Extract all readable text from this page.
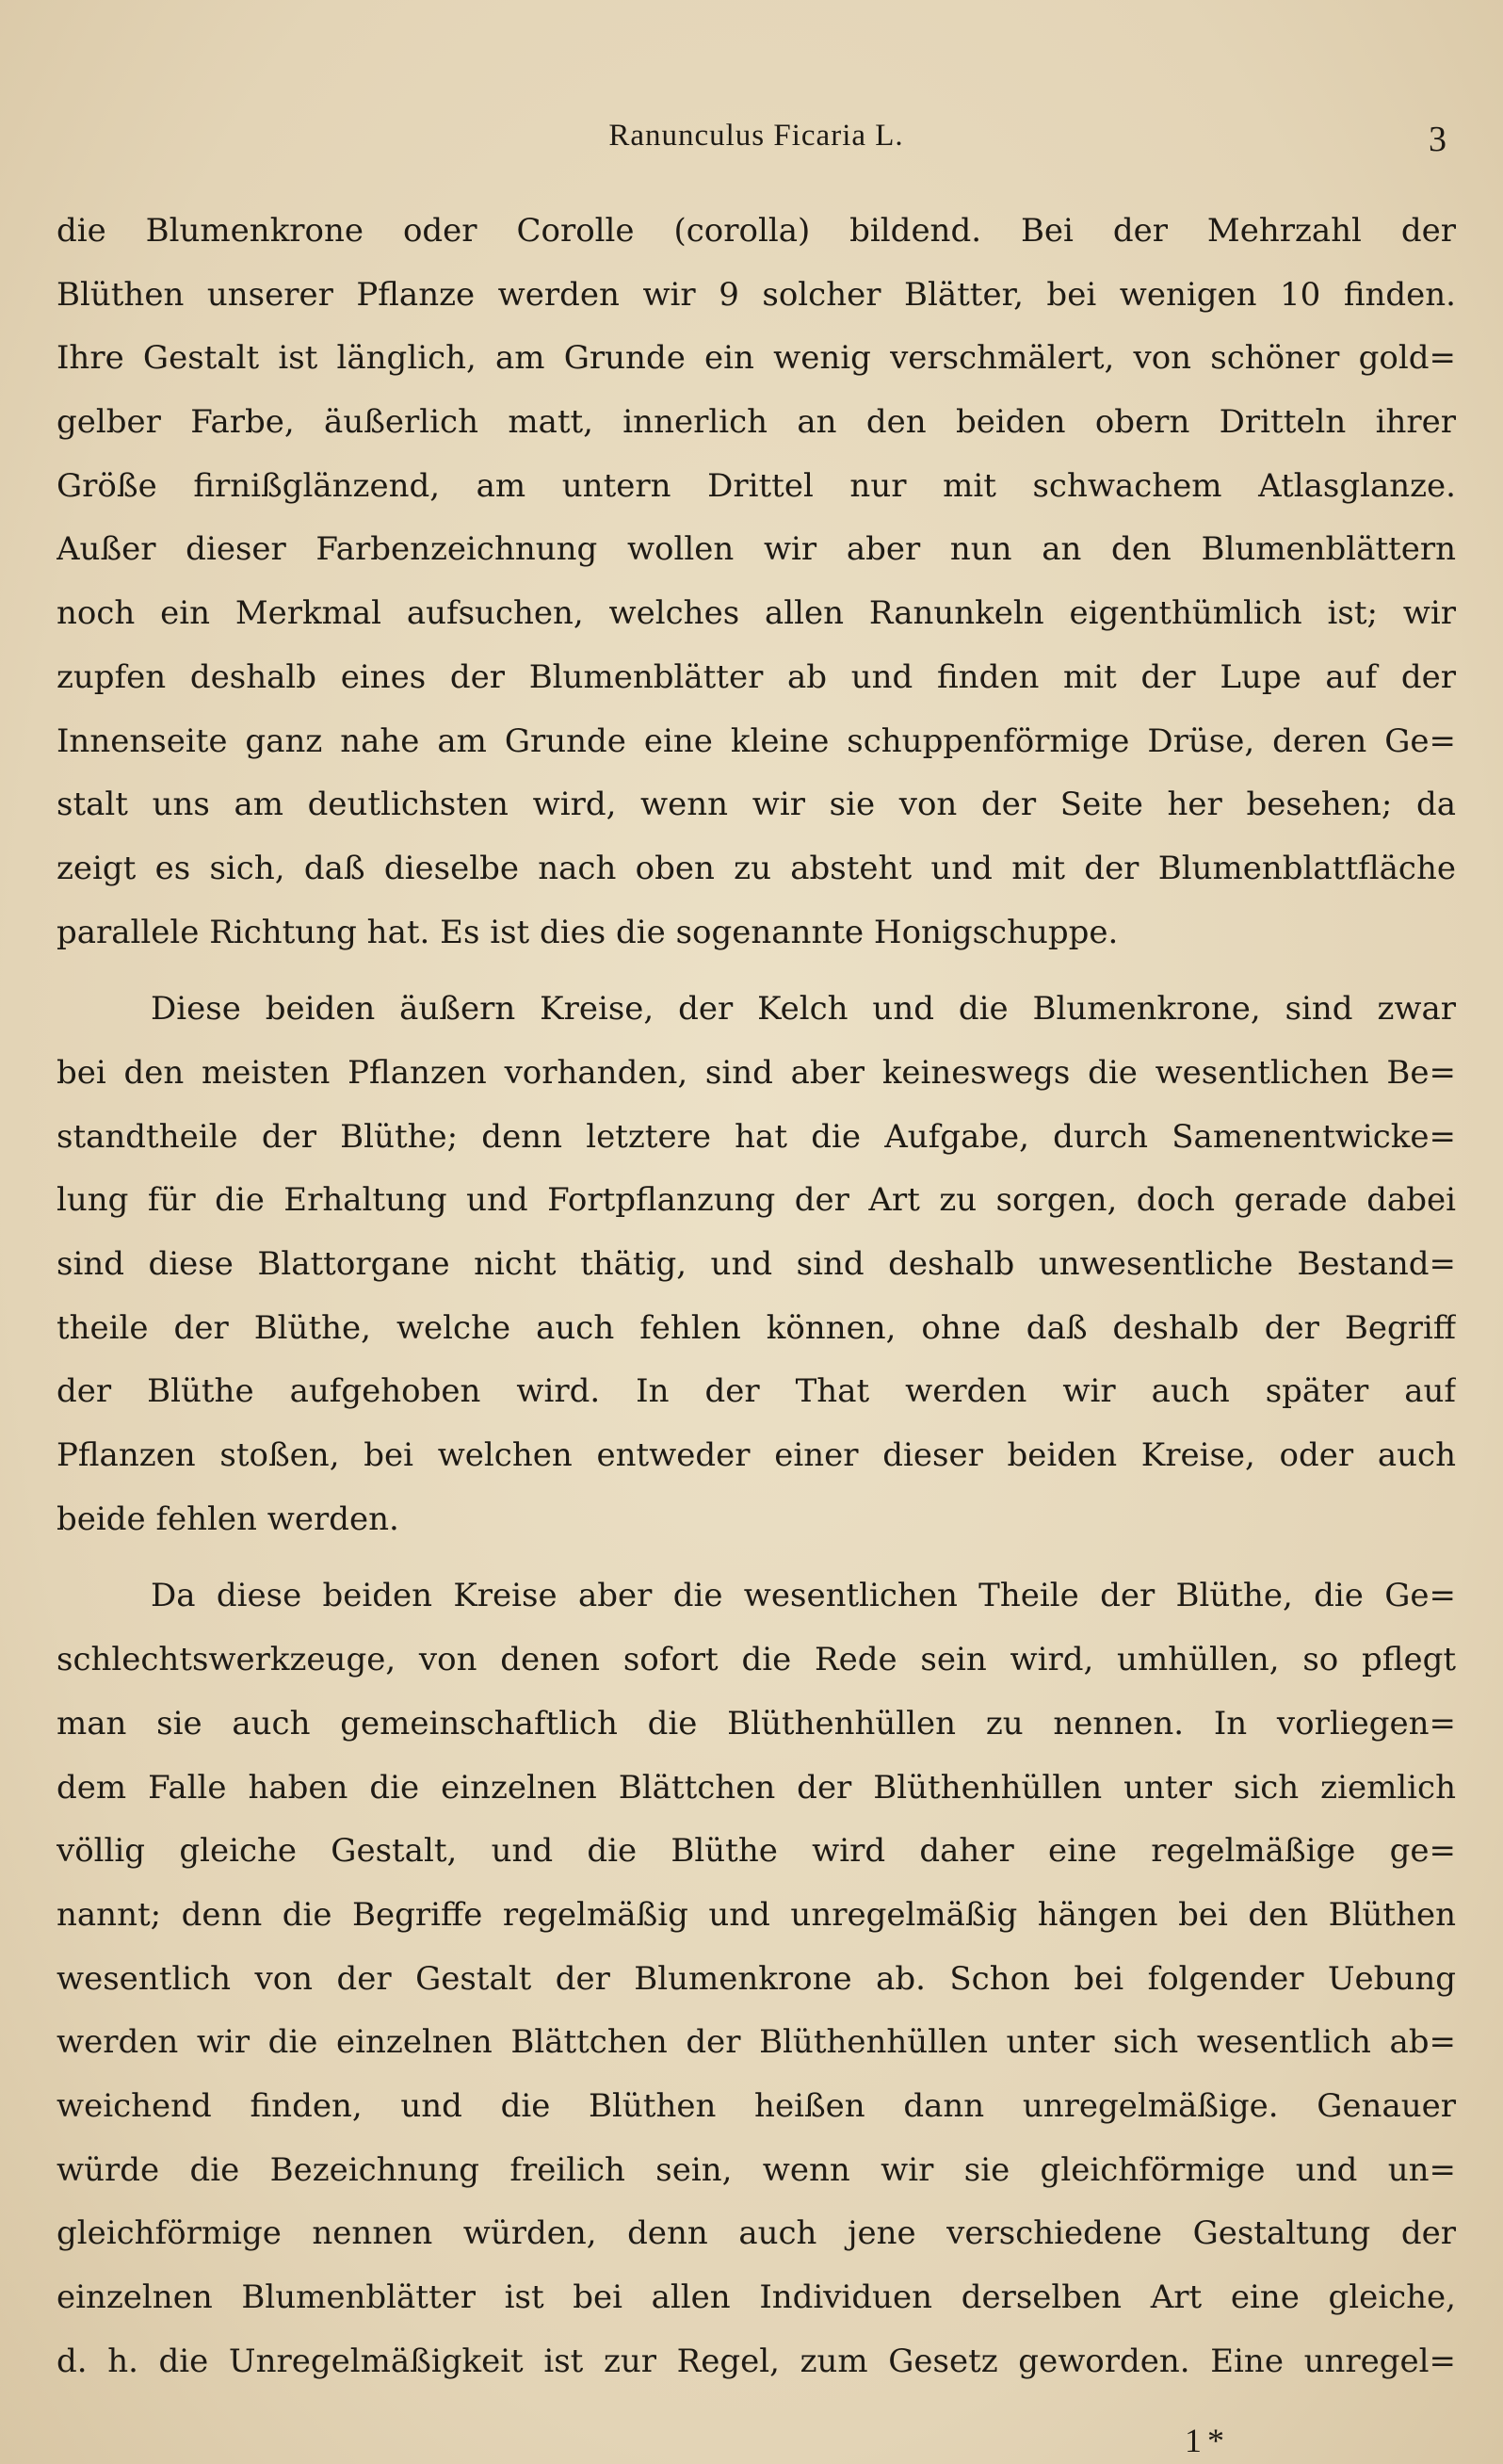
Ranunculus Ficaria L.	3
die Blumenkrone oder Corolle (corolla) bildend. Bei der Mehrzahl der
Blüthen unserer Pflanze werden wir 9 solcher Blätter, bei wenigen 10 finden.
Ihre Gestalt ist länglich, am Grunde ein wenig verschmälert, von schöner gold=
gelber Farbe, äußerlich matt, innerlich an den beiden obern Dritteln ihrer
Größe firnißglänzend, am untern Drittel nur mit schwachem Atlasglanze.
Außer dieser Farbenzeichnung wollen wir aber nun an den Blumenblättern
noch ein Merkmal aufsuchen, welches allen Ranunkeln eigenthümlich ist; wir
zupfen deshalb eines der Blumenblätter ab und finden mit der Lupe auf der
Innenseite ganz nahe am Grunde eine kleine schuppenförmige Drüse, deren Ge=
stalt uns am deutlichsten wird, wenn wir sie von der Seite her besehen; da
zeigt es sich, daß dieselbe nach oben zu absteht und mit der Blumenblattfläche
parallele Richtung hat. Es ist dies die sogenannte Honigschuppe.
Diese beiden äußern Kreise, der Kelch und die Blumenkrone, sind zwar
bei den meisten Pflanzen vorhanden, sind aber keineswegs die wesentlichen Be=
standtheile der Blüthe; denn letztere hat die Aufgabe, durch Samenentwicke=
lung für die Erhaltung und Fortpflanzung der Art zu sorgen, doch gerade dabei
sind diese Blattorgane nicht thätig, und sind deshalb unwesentliche Bestand=
theile der Blüthe, welche auch fehlen können, ohne daß deshalb der Begriff
der Blüthe aufgehoben wird. In der That werden wir auch später auf
Pflanzen stoßen, bei welchen entweder einer dieser beiden Kreise, oder auch
beide fehlen werden.
Da diese beiden Kreise aber die wesentlichen Theile der Blüthe, die Ge=
schlechtswerkzeuge, von denen sofort die Rede sein wird, umhüllen, so pflegt
man sie auch gemeinschaftlich die Blüthenhüllen zu nennen. In vorliegen=
dem Falle haben die einzelnen Blättchen der Blüthenhüllen unter sich ziemlich
völlig gleiche Gestalt, und die Blüthe wird daher eine regelmäßige ge=
nannt; denn die Begriffe regelmäßig und unregelmäßig hängen bei den Blüthen
wesentlich von der Gestalt der Blumenkrone ab. Schon bei folgender Uebung
werden wir die einzelnen Blättchen der Blüthenhüllen unter sich wesentlich ab=
weichend finden, und die Blüthen heißen dann unregelmäßige. Genauer
würde die Bezeichnung freilich sein, wenn wir sie gleichförmige und un=
gleichförmige nennen würden, denn auch jene verschiedene Gestaltung der
einzelnen Blumenblätter ist bei allen Individuen derselben Art eine gleiche,
d. h. die Unregelmäßigkeit ist zur Regel, zum Gesetz geworden. Eine unregel=
1*
